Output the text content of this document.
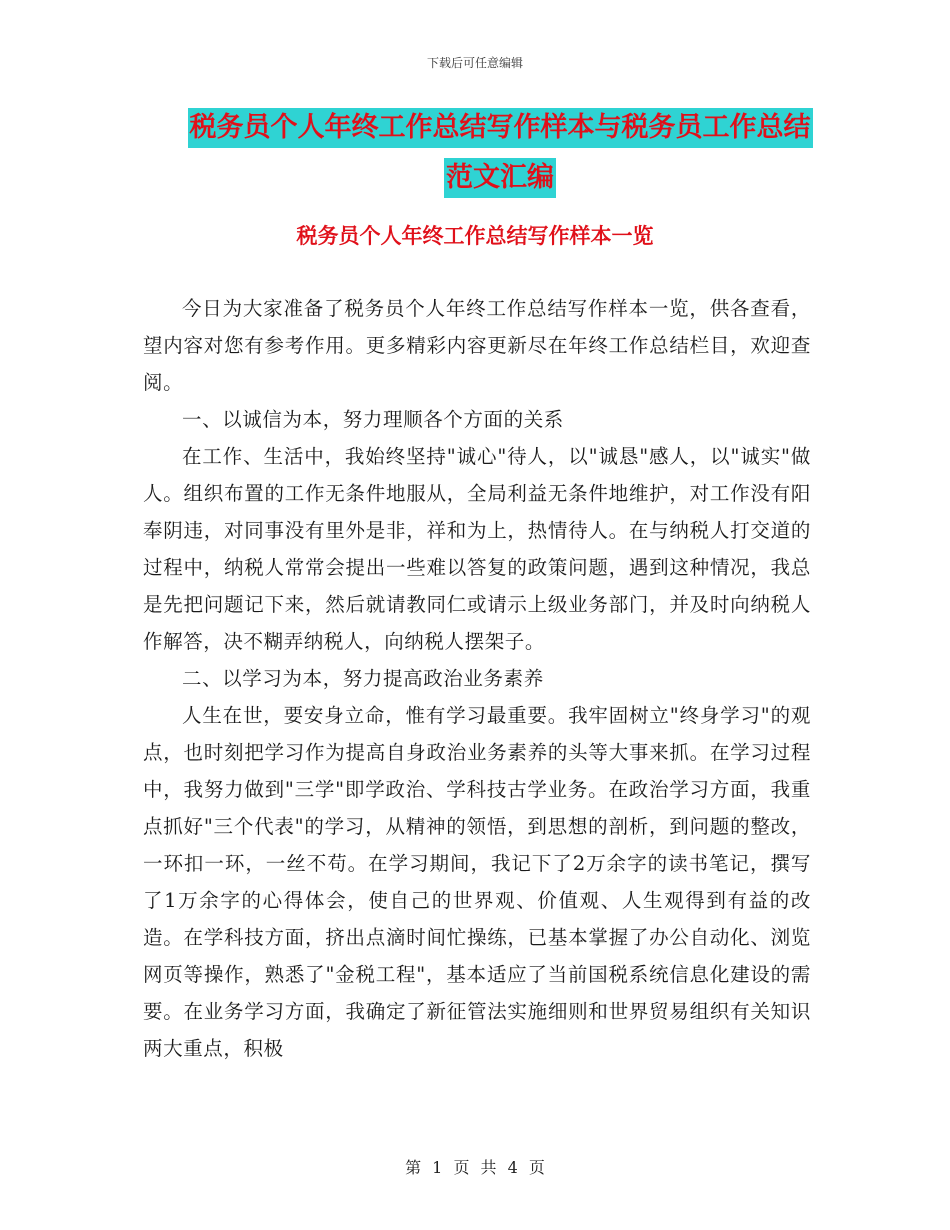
下载后可任意编辑
税务员个人年终工作总结写作样本与税务员工作总结
范文汇编
税务员个人年终工作总结写作样本一览

今日为大家准备了税务员个人年终工作总结写作样本一览，供各查看，望内容对您有参考作用。更多精彩内容更新尽在年终工作总结栏目，欢迎查阅。

一、以诚信为本，努力理顺各个方面的关系

在工作、生活中，我始终坚持"诚心"待人，以"诚恳"感人，以"诚实"做人。组织布置的工作无条件地服从，全局利益无条件地维护，对工作没有阳奉阴违，对同事没有里外是非，祥和为上，热情待人。在与纳税人打交道的过程中，纳税人常常会提出一些难以答复的政策问题，遇到这种情况，我总是先把问题记下来，然后就请教同仁或请示上级业务部门，并及时向纳税人作解答，决不糊弄纳税人，向纳税人摆架子。

二、以学习为本，努力提高政治业务素养

人生在世，要安身立命，惟有学习最重要。我牢固树立"终身学习"的观点，也时刻把学习作为提高自身政治业务素养的头等大事来抓。在学习过程中，我努力做到"三学"即学政治、学科技古学业务。在政治学习方面，我重点抓好"三个代表"的学习，从精神的领悟，到思想的剖析，到问题的整改，一环扣一环，一丝不苟。在学习期间，我记下了2万余字的读书笔记，撰写了1万余字的心得体会，使自己的世界观、价值观、人生观得到有益的改造。在学科技方面，挤出点滴时间忙操练，已基本掌握了办公自动化、浏览网页等操作，熟悉了"金税工程"，基本适应了当前国税系统信息化建设的需要。在业务学习方面，我确定了新征管法实施细则和世界贸易组织有关知识两大重点，积极

第 1 页 共 4 页
